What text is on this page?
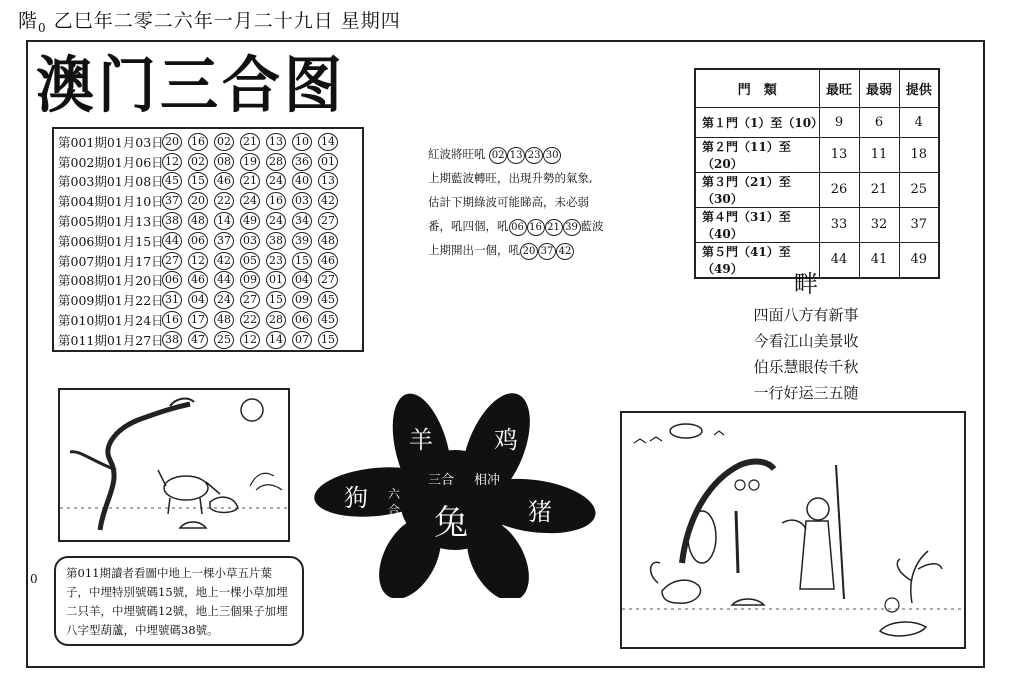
階$_0$ 乙巳年二零二六年一月二十九日 星期四
澳门三合图
第001期01月03日 20 16 02 21 13 10 14
第002期01月06日 12 02 08 19 28 36 01
第003期01月08日 45 15 46 21 24 40 13
第004期01月10日 37 20 22 24 16 03 42
第005期01月13日 38 48 14 49 24 34 27
第006期01月15日 44 06 37 03 38 39 48
第007期01月17日 27 12 42 05 23 15 46
第008期01月20日 06 46 44 09 01 04 27
第009期01月22日 31 04 24 27 15 09 45
第010期01月24日 16 17 48 22 28 06 45
第011期01月27日 38 47 25 12 14 07 15
紅波將旺吼 02 13 23 30
上期藍波轉旺，出現升勢的氣象,
估計下期綠波可能睇高，未必弱
番，吼四個，吼 06 16 21 39 藍波
上期開出一個，吼 20 37 42
門　類	最旺	最弱	提供
第１門（1）至（10）	9	6	4
第２門（11）至（20）	13	11	18
第３門（21）至（30）	26	21	25
第４門（31）至（40）	33	32	37
第５門（41）至（49）	44	41	49
畔
四面八方有新事
今看江山美景收
伯乐慧眼传千秋
一行好运三五随
羊	鸡
狗	猪
兔
三合 相冲
六
合
0	第011期讀者看圖中地上一棵小草五片葉子，中埋特別號碼15號，地上一棵小草加埋二只羊，中埋號碼12號，地上三個果子加埋八字型葫蘆，中埋號碼38號。
